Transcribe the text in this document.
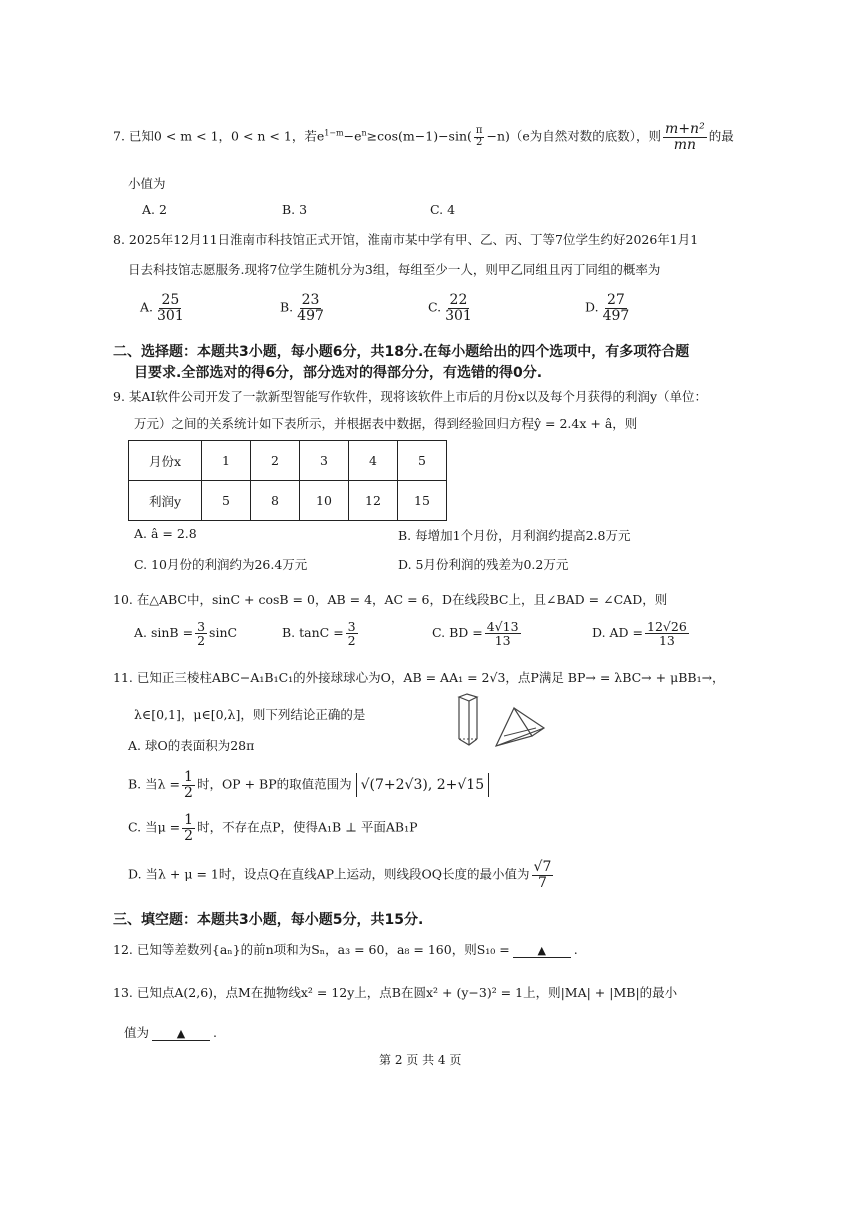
7. 已知0 < m < 1，0 < n < 1，若$e^{1-m}-e^n\ge\cos(m-1)-\sin( \frac{\pi}{2} -n)(e$为自然对数的底数），则 $\frac{\text{m+n²}}{mn}$ 的最
小值为
A. 2	B. 3	C. 4
8. 2025年12月11日淮南市科技馆正式开馆，淮南市某中学有甲、乙、丙、丁等7位学生约好2026年1月1
日去科技馆志愿服务.现将7位学生随机分为3组，每组至少一人，则甲乙同组且丙丁同组的概率为
A. $\frac{25}{301}$	B. $\frac{23}{497}$	C. $\frac{22}{301}$	D. $\frac{27}{497}$
二、选择题：本题共3小题，每小题6分，共18分.在每小题给出的四个选项中，有多项符合题
目要求.全部选对的得6分，部分选对的得部分分，有选错的得0分.
9. 某AI软件公司开发了一款新型智能写作软件，现将该软件上市后的月份x以及每个月获得的利润y（单位：
万元）之间的关系统计如下表所示，并根据表中数据，得到经验回归方程ŷ = 2.4x + â，则
月份x	1	2	3	4	5
利润y	5	8	10	12	15
A. â = 2.8	B. 每增加1个月份，月利润约提高2.8万元
C. 10月份的利润约为26.4万元	D. 5月份利润的残差为0.2万元
10. 在△ABC中，sinC + cosB = 0，AB = 4，AC = 6，D在线段BC上，且∠BAD = ∠CAD，则
A. $\sin B = \frac{3}{2}$ sinC	B. $\tan C = \frac{3}{2}$	C. BD = $\frac{4√13}{13}$	D. AD = $\frac{12√26}{13}$
11. 已知正三棱柱ABC−A₁B₁C₁的外接球球心为O，AB = AA₁ = 2√3，点P满足 BP→ = λBC→ + μBB₁→，
λ∈[0,1]，μ∈[0,λ]，则下列结论正确的是
A. 球O的表面积为28π
B. 当$\lambda = \frac{1}{2}$ 时，OP + BP的取值范围为 √(7+2√3), 2+√15
C. 当$\mu = \frac{1}{2}$ 时，不存在点P，使得A₁B ⊥ 平面AB₁P
D. 当λ + μ = 1时，设点Q在直线AP上运动，则线段OQ长度的最小值为 $\frac{√7}{7}$
三、填空题：本题共3小题，每小题5分，共15分.
12. 已知等差数列{aₙ}的前n项和为Sₙ，a₃ = 60，a₈ = 160，则S₁₀ =	▲ .
13. 已知点A(2,6)，点M在抛物线x² = 12y上，点B在圆x² + (y−3)² = 1上，则|MA| + |MB|的最小
值为	▲ .
第 2 页 共 4 页
